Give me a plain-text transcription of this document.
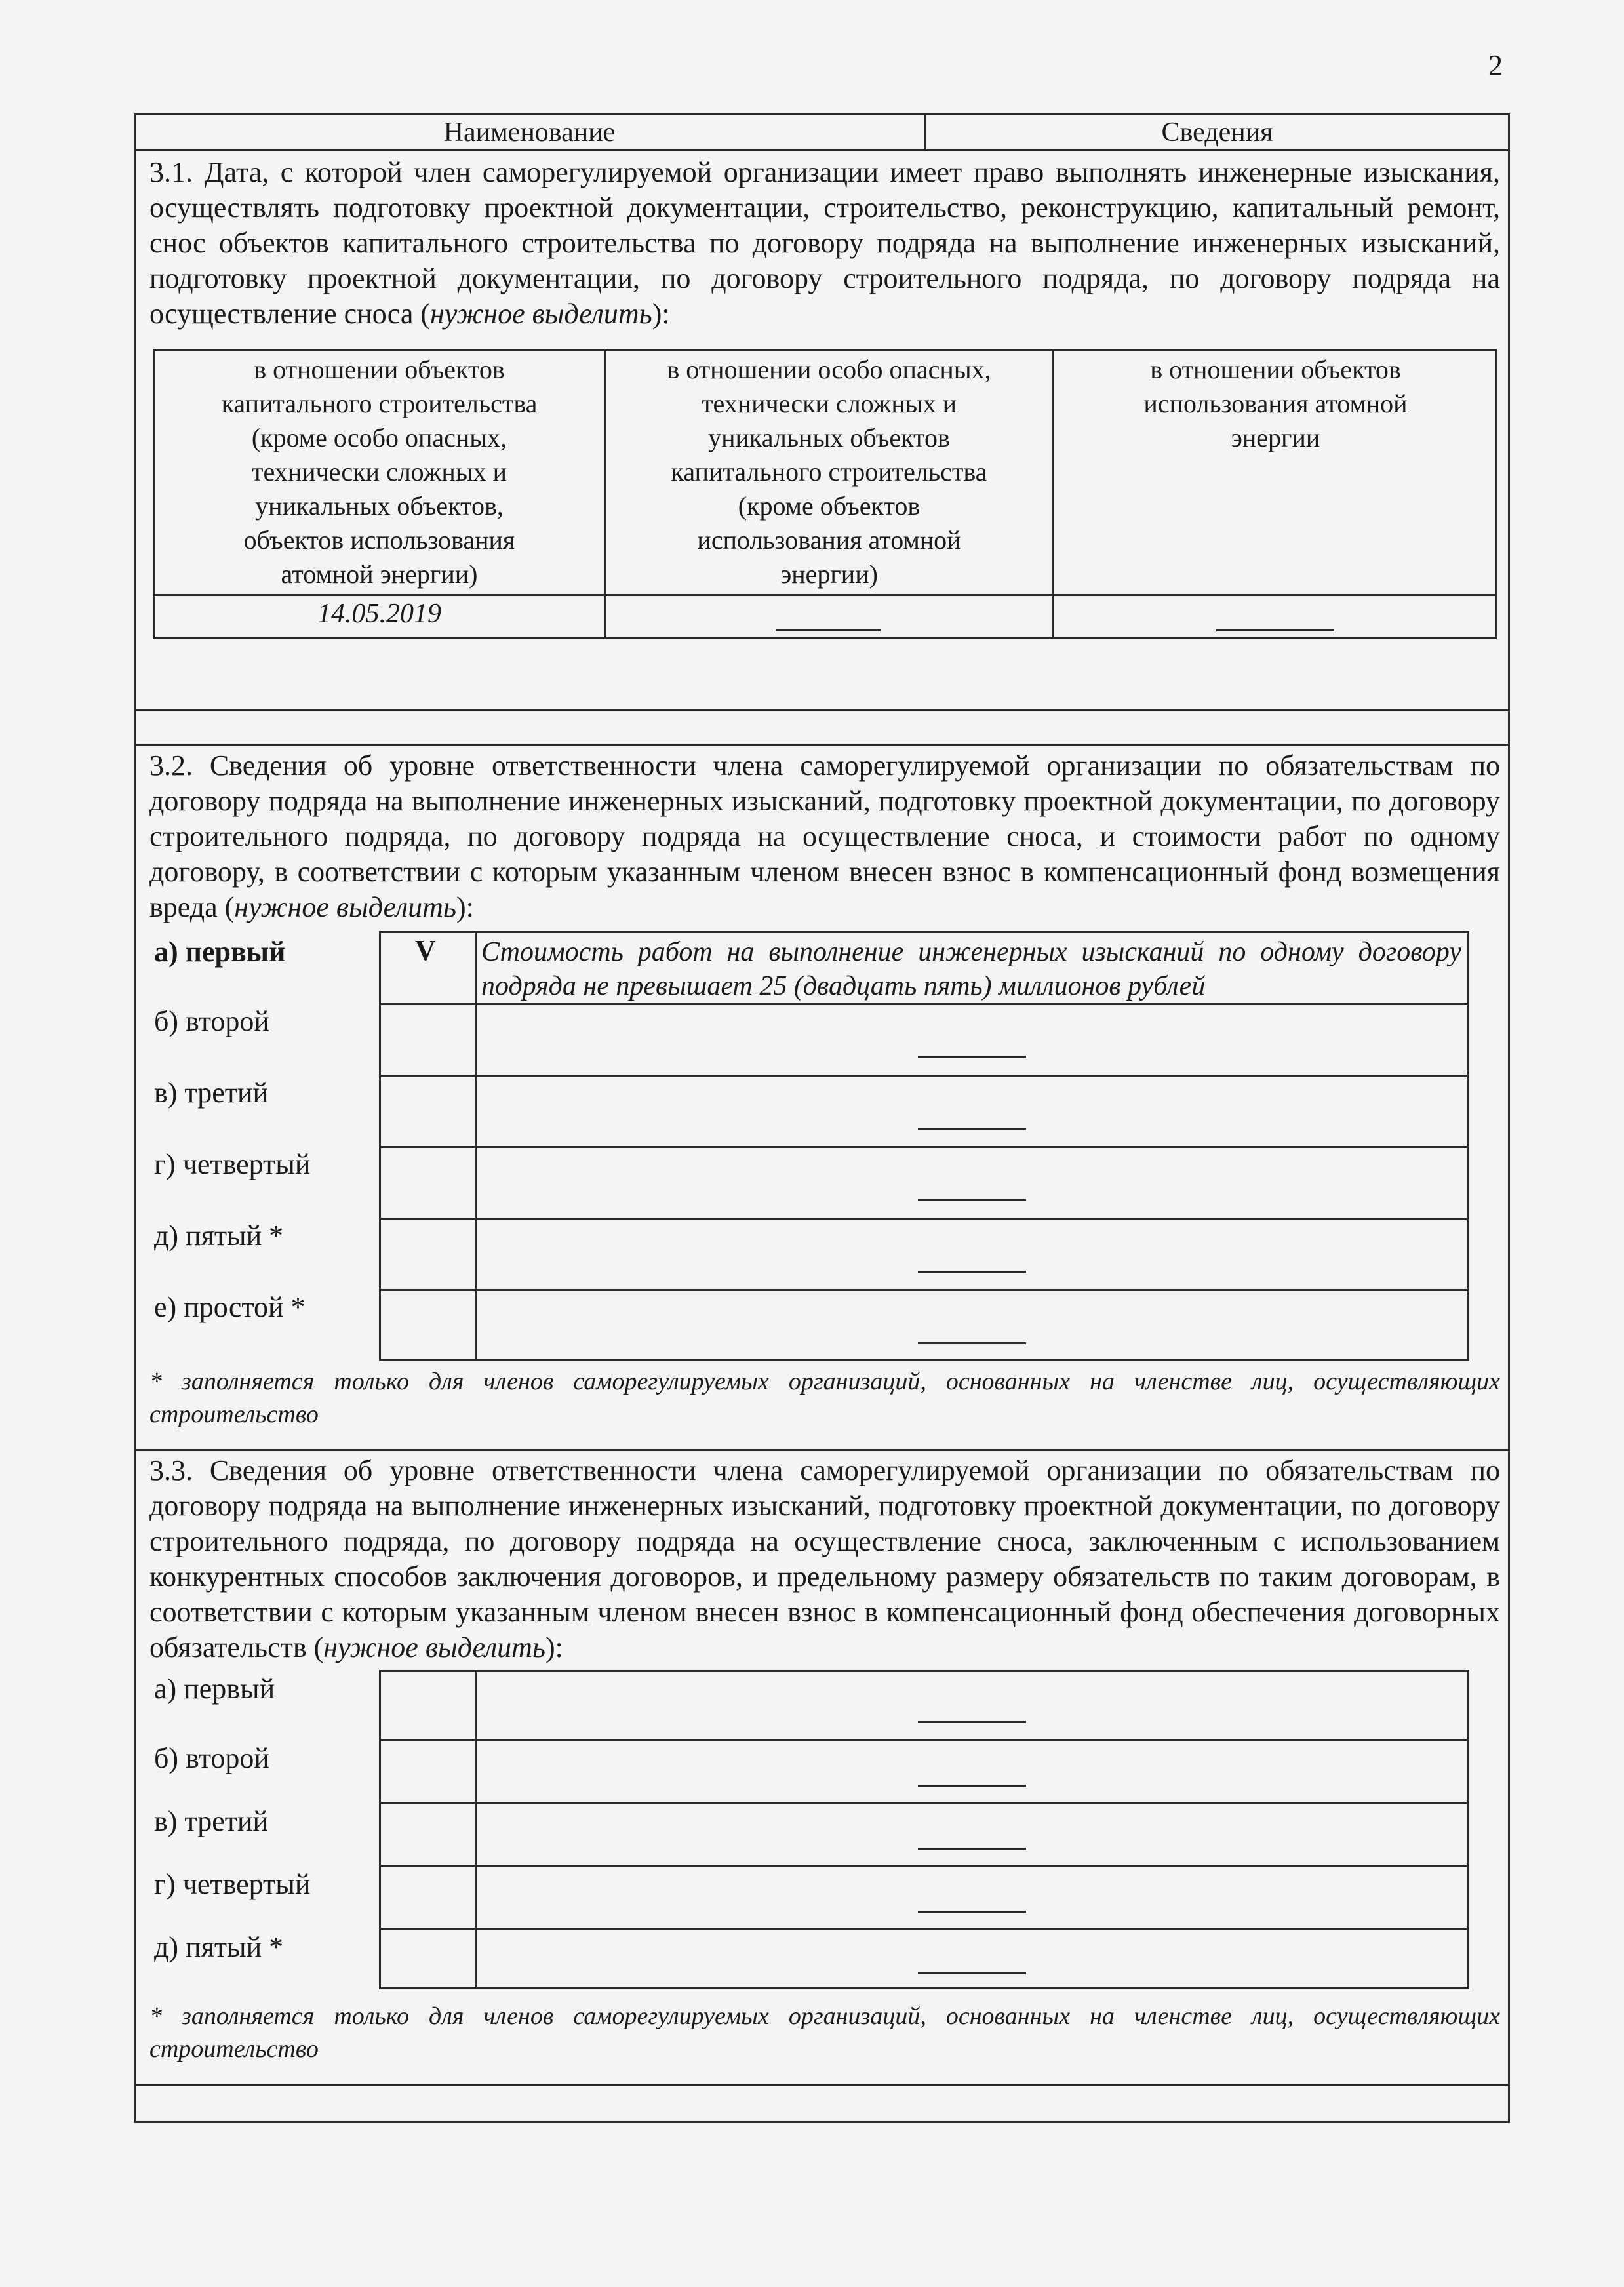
2
Наименование	Сведения
3.1. Дата, с которой член саморегулируемой организации имеет право выполнять инженерные изыскания, осуществлять подготовку проектной документации, строительство, реконструкцию, капитальный ремонт, снос объектов капитального строительства по договору подряда на выполнение инженерных изысканий, подготовку проектной документации, по договору строительного подряда, по договору подряда на осуществление сноса (нужное выделить):
в отношении объектов
капитального строительства
(кроме особо опасных,
технически сложных и
уникальных объектов,
объектов использования
атомной энергии)
в отношении особо опасных,
технически сложных и
уникальных объектов
капитального строительства
(кроме объектов
использования атомной
энергии)
в отношении объектов
использования атомной
энергии
14.05.2019
3.2. Сведения об уровне ответственности члена саморегулируемой организации по обязательствам по договору подряда на выполнение инженерных изысканий, подготовку проектной документации, по договору строительного подряда, по договору подряда на осуществление сноса, и стоимости работ по одному договору, в соответствии с которым указанным членом внесен взнос в компенсационный фонд возмещения вреда (нужное выделить):
а) первый
б) второй
в) третий
г) четвертый
д) пятый *
е) простой *
V Стоимость работ на выполнение инженерных изысканий по одному договору подряда не превышает 25 (двадцать пять) миллионов рублей
* заполняется только для членов саморегулируемых организаций, основанных на членстве лиц, осуществляющих строительство
3.3. Сведения об уровне ответственности члена саморегулируемой организации по обязательствам по договору подряда на выполнение инженерных изысканий, подготовку проектной документации, по договору строительного подряда, по договору подряда на осуществление сноса, заключенным с использованием конкурентных способов заключения договоров, и предельному размеру обязательств по таким договорам, в соответствии с которым указанным членом внесен взнос в компенсационный фонд обеспечения договорных обязательств (нужное выделить):
а) первый
б) второй
в) третий
г) четвертый
д) пятый *
* заполняется только для членов саморегулируемых организаций, основанных на членстве лиц, осуществляющих строительство
